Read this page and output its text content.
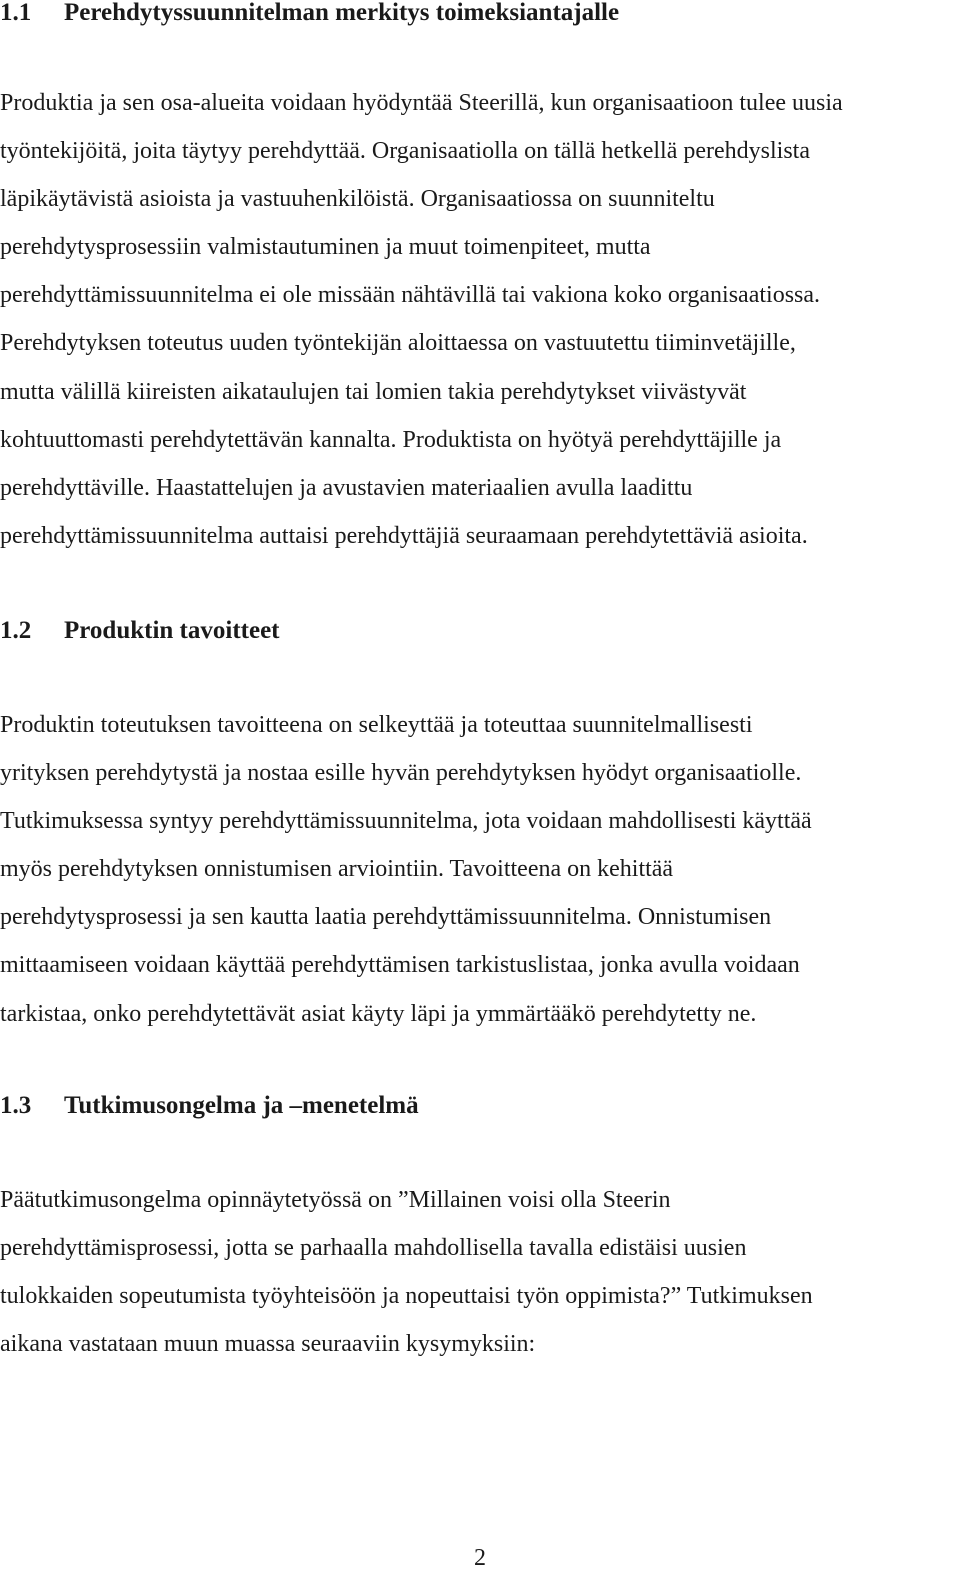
1.1 Perehdytyssuunnitelman merkitys toimeksiantajalle
Produktia ja sen osa-alueita voidaan hyödyntää Steerillä, kun organisaatioon tulee uusia
työntekijöitä, joita täytyy perehdyttää. Organisaatiolla on tällä hetkellä perehdyslista
läpikäytävistä asioista ja vastuuhenkilöistä. Organisaatiossa on suunniteltu
perehdytysprosessiin valmistautuminen ja muut toimenpiteet, mutta
perehdyttämissuunnitelma ei ole missään nähtävillä tai vakiona koko organisaatiossa.
Perehdytyksen toteutus uuden työntekijän aloittaessa on vastuutettu tiiminvetäjille,
mutta välillä kiireisten aikataulujen tai lomien takia perehdytykset viivästyvät
kohtuuttomasti perehdytettävän kannalta. Produktista on hyötyä perehdyttäjille ja
perehdyttäville. Haastattelujen ja avustavien materiaalien avulla laadittu
perehdyttämissuunnitelma auttaisi perehdyttäjiä seuraamaan perehdytettäviä asioita.
1.2 Produktin tavoitteet
Produktin toteutuksen tavoitteena on selkeyttää ja toteuttaa suunnitelmallisesti
yrityksen perehdytystä ja nostaa esille hyvän perehdytyksen hyödyt organisaatiolle.
Tutkimuksessa syntyy perehdyttämissuunnitelma, jota voidaan mahdollisesti käyttää
myös perehdytyksen onnistumisen arviointiin. Tavoitteena on kehittää
perehdytysprosessi ja sen kautta laatia perehdyttämissuunnitelma. Onnistumisen
mittaamiseen voidaan käyttää perehdyttämisen tarkistuslistaa, jonka avulla voidaan
tarkistaa, onko perehdytettävät asiat käyty läpi ja ymmärtääkö perehdytetty ne.
1.3 Tutkimusongelma ja –menetelmä
Päätutkimusongelma opinnäytetyössä on ”Millainen voisi olla Steerin
perehdyttämisprosessi, jotta se parhaalla mahdollisella tavalla edistäisi uusien
tulokkaiden sopeutumista työyhteisöön ja nopeuttaisi työn oppimista?” Tutkimuksen
aikana vastataan muun muassa seuraaviin kysymyksiin:
2
